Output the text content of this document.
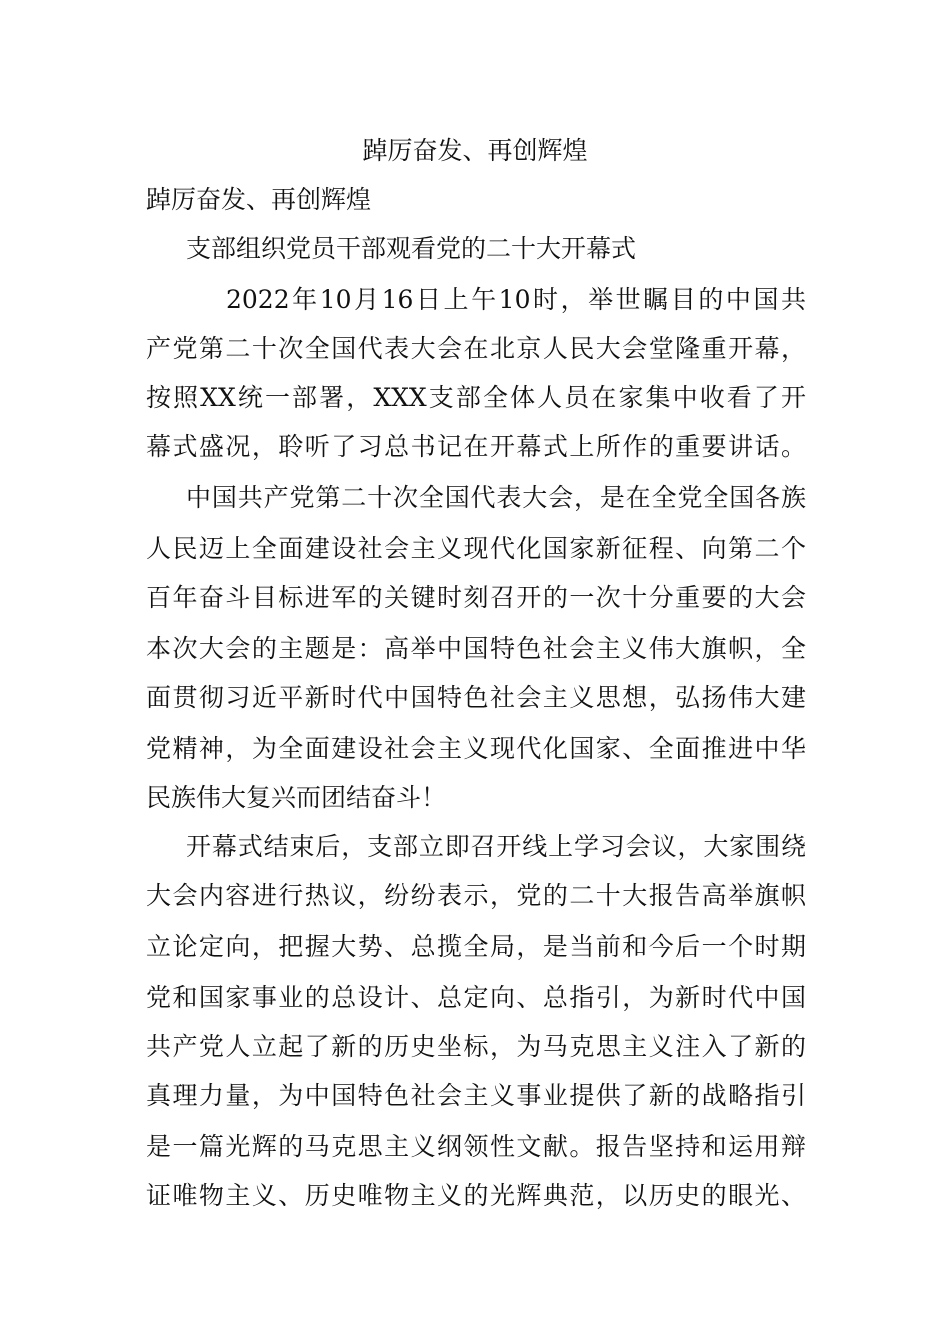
踔厉奋发、再创辉煌
踔厉奋发、再创辉煌
支部组织党员干部观看党的二十大开幕式
2022年10月16日上午10时，举世瞩目的中国共
产党第二十次全国代表大会在北京人民大会堂隆重开幕，
按照XX统一部署，XXX支部全体人员在家集中收看了开
幕式盛况，聆听了习总书记在开幕式上所作的重要讲话。
中国共产党第二十次全国代表大会，是在全党全国各族
人民迈上全面建设社会主义现代化国家新征程、向第二个
百年奋斗目标进军的关键时刻召开的一次十分重要的大会
本次大会的主题是：高举中国特色社会主义伟大旗帜，全
面贯彻习近平新时代中国特色社会主义思想，弘扬伟大建
党精神，为全面建设社会主义现代化国家、全面推进中华
民族伟大复兴而团结奋斗！
开幕式结束后，支部立即召开线上学习会议，大家围绕
大会内容进行热议，纷纷表示，党的二十大报告高举旗帜
立论定向，把握大势、总揽全局，是当前和今后一个时期
党和国家事业的总设计、总定向、总指引，为新时代中国
共产党人立起了新的历史坐标，为马克思主义注入了新的
真理力量，为中国特色社会主义事业提供了新的战略指引
是一篇光辉的马克思主义纲领性文献。报告坚持和运用辩
证唯物主义、历史唯物主义的光辉典范，以历史的眼光、
